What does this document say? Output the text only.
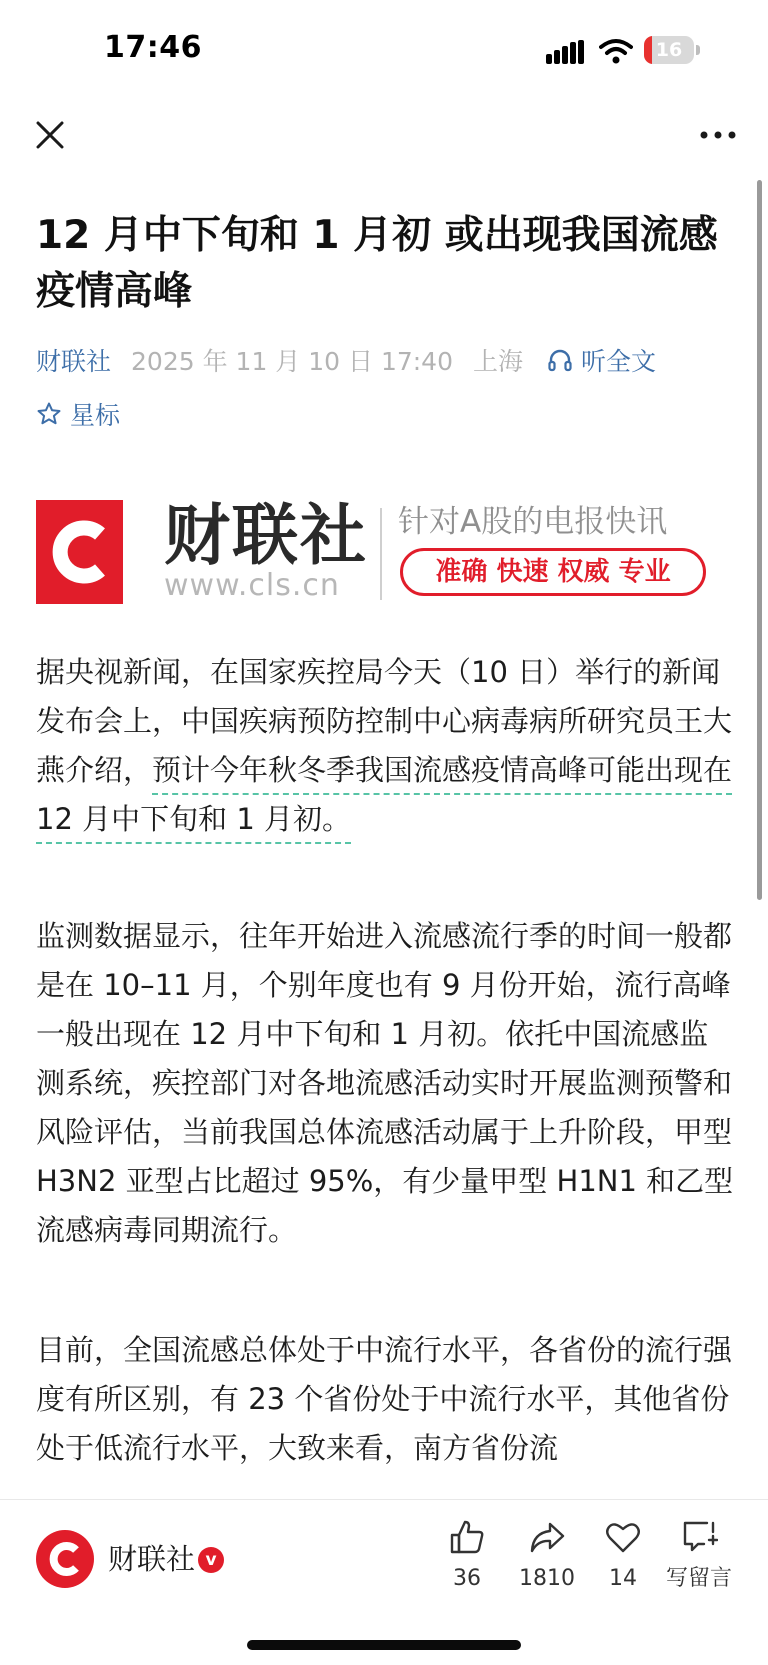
17:46	16
12 月中下旬和 1 月初 或出现我国流感疫情高峰
财联社 2025 年 11 月 10 日 17:40 上海 听全文
星标
财联社
www.cls.cn
针对A股的电报快讯
准确 快速 权威 专业

据央视新闻，在国家疾控局今天（10 日）举行的新闻发布会上，中国疾病预防控制中心病毒病所研究员王大燕介绍，预计今年秋冬季我国流感疫情高峰可能出现在 12 月中下旬和 1 月初。

监测数据显示，往年开始进入流感流行季的时间一般都是在 10–11 月，个别年度也有 9 月份开始，流行高峰一般出现在 12 月中下旬和 1 月初。依托中国流感监测系统，疾控部门对各地流感活动实时开展监测预警和风险评估，当前我国总体流感活动属于上升阶段，甲型 H3N2 亚型占比超过 95%，有少量甲型 H1N1 和乙型流感病毒同期流行。

目前，全国流感总体处于中流行水平，各省份的流行强度有所区别，有 23 个省份处于中流行水平，其他省份处于低流行水平，大致来看，南方省份流

财联社 v
36	1810	14	写留言
